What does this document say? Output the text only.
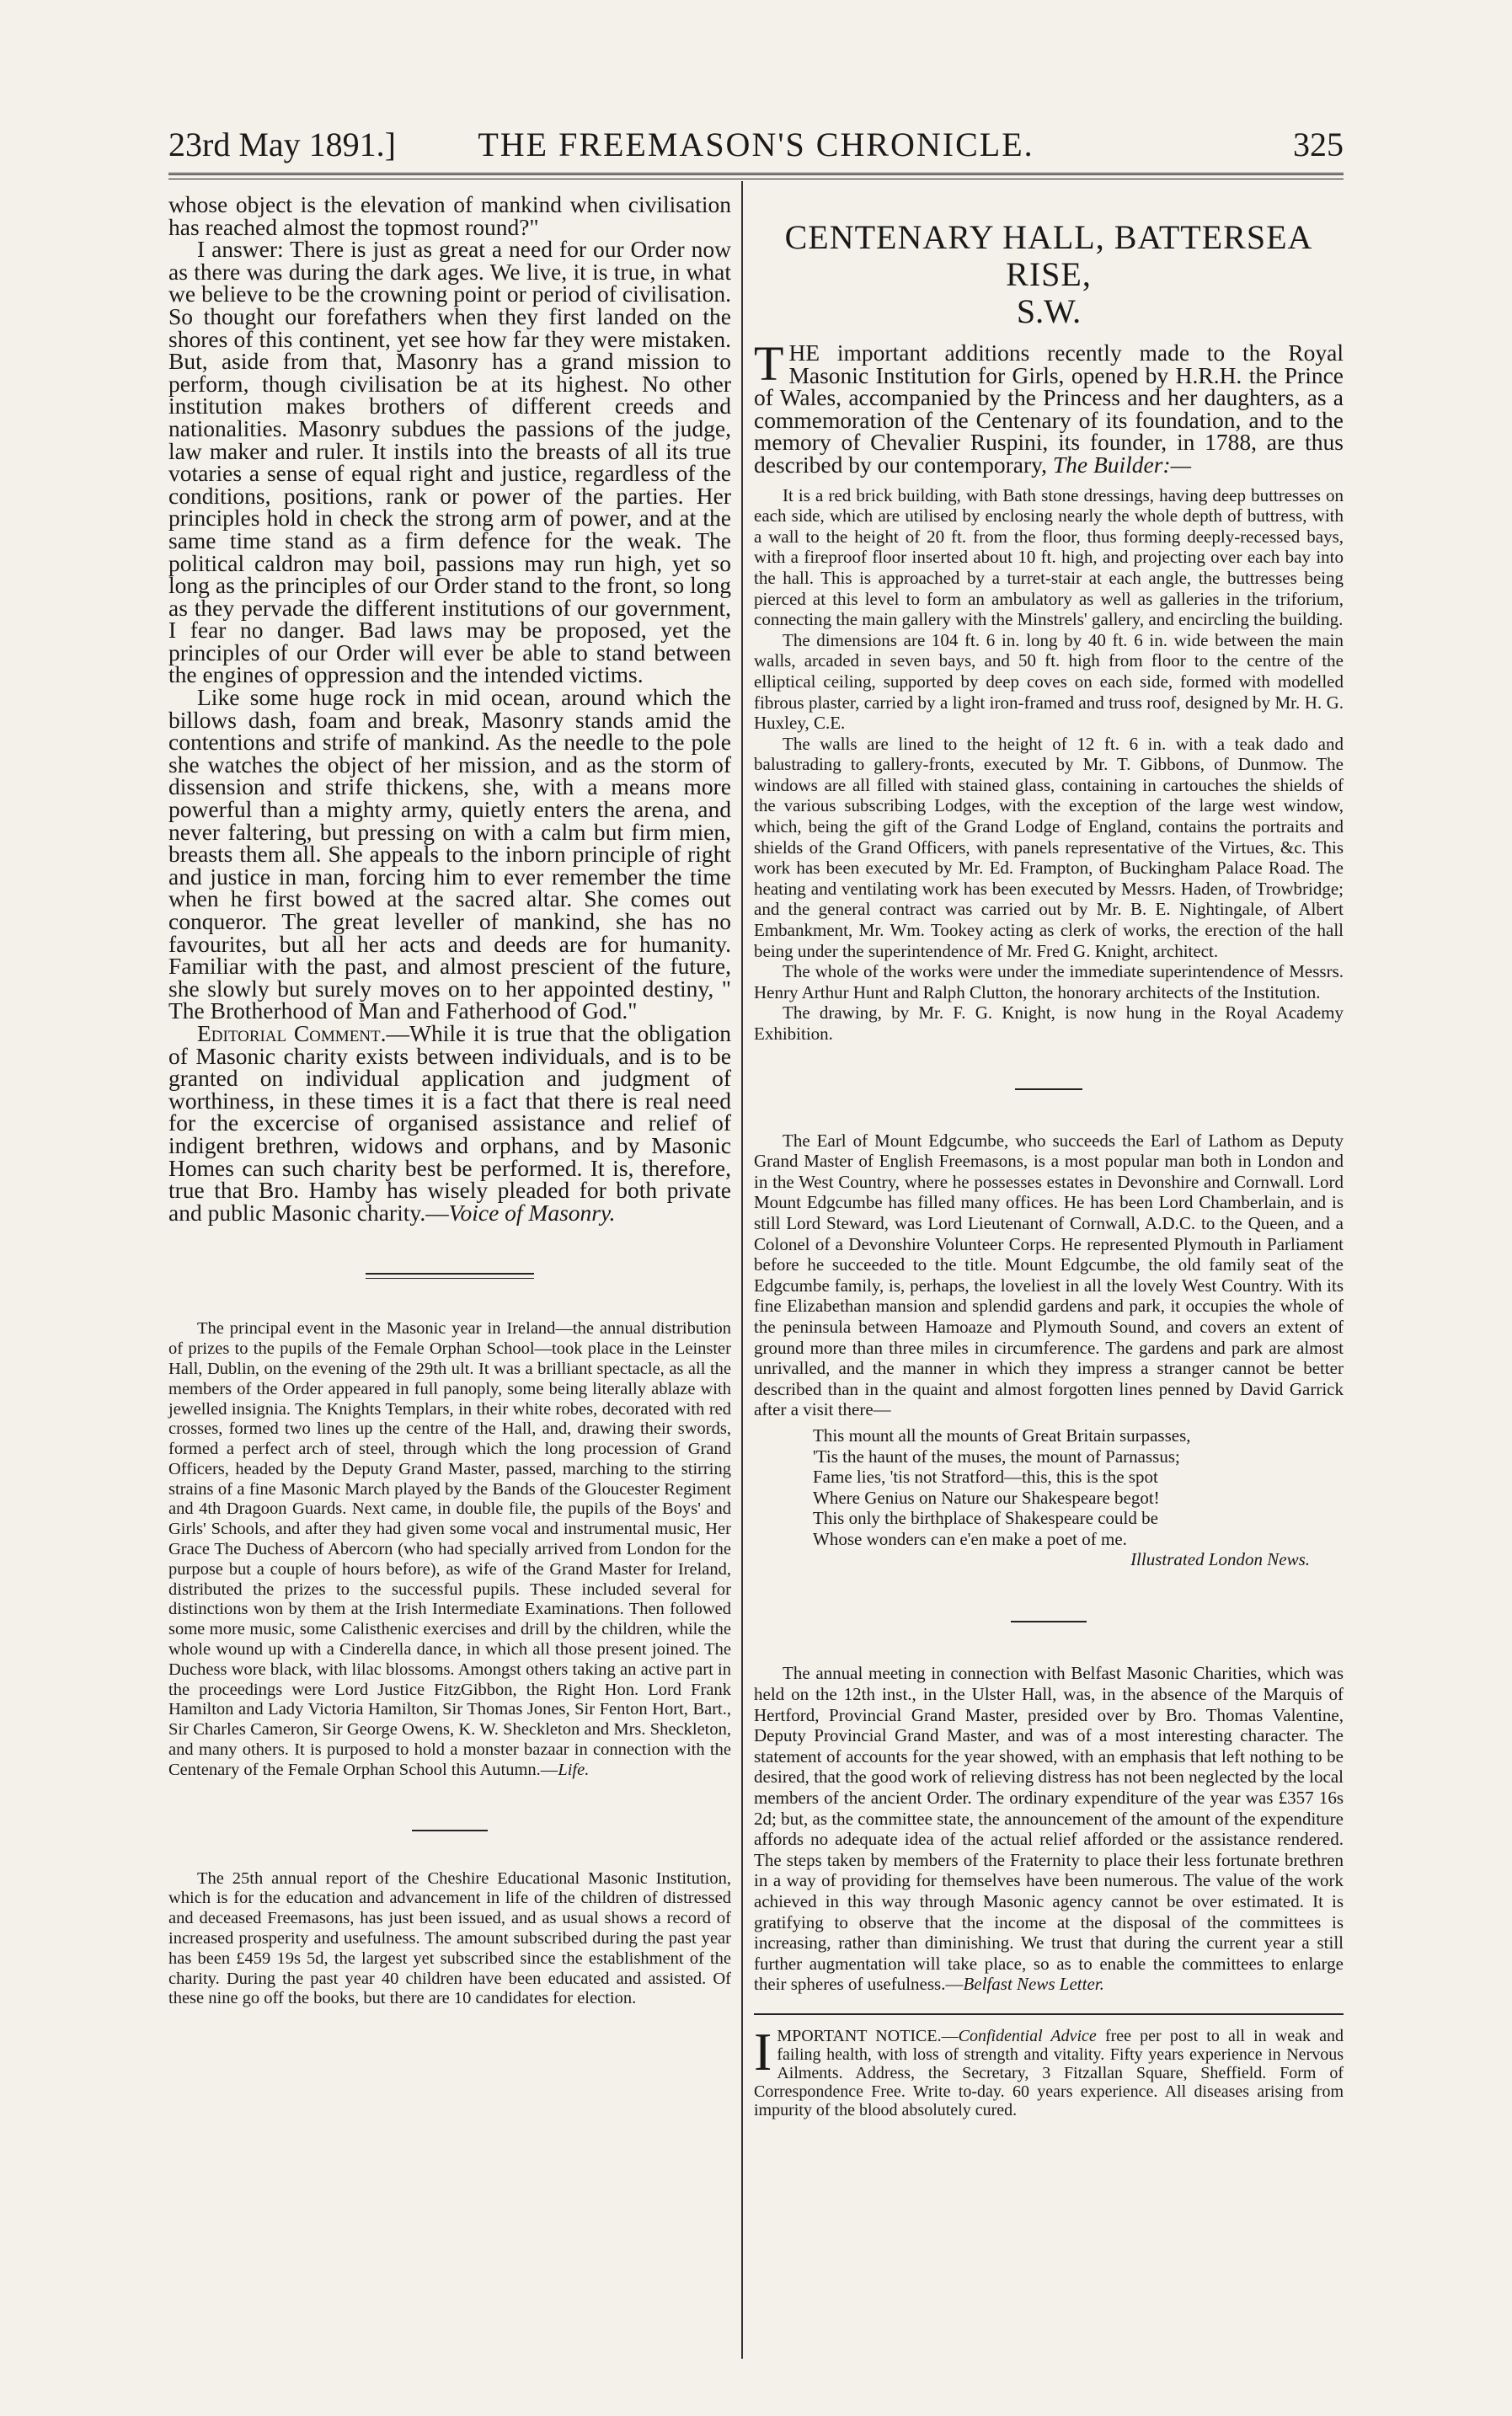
23rd May 1891.]	THE FREEMASON'S CHRONICLE.	325

whose object is the elevation of mankind when civilisation has reached almost the topmost round?"

I answer: There is just as great a need for our Order now as there was during the dark ages. We live, it is true, in what we believe to be the crowning point or period of civilisation. So thought our forefathers when they first landed on the shores of this continent, yet see how far they were mistaken. But, aside from that, Masonry has a grand mission to perform, though civilisation be at its highest. No other institution makes brothers of different creeds and nationalities. Masonry subdues the passions of the judge, law maker and ruler. It instils into the breasts of all its true votaries a sense of equal right and justice, regardless of the conditions, positions, rank or power of the parties. Her principles hold in check the strong arm of power, and at the same time stand as a firm defence for the weak. The political caldron may boil, passions may run high, yet so long as the principles of our Order stand to the front, so long as they pervade the different institutions of our government, I fear no danger. Bad laws may be proposed, yet the principles of our Order will ever be able to stand between the engines of oppression and the intended victims.

Like some huge rock in mid ocean, around which the billows dash, foam and break, Masonry stands amid the contentions and strife of mankind. As the needle to the pole she watches the object of her mission, and as the storm of dissension and strife thickens, she, with a means more powerful than a mighty army, quietly enters the arena, and never faltering, but pressing on with a calm but firm mien, breasts them all. She appeals to the inborn principle of right and justice in man, forcing him to ever remember the time when he first bowed at the sacred altar. She comes out conqueror. The great leveller of mankind, she has no favourites, but all her acts and deeds are for humanity. Familiar with the past, and almost prescient of the future, she slowly but surely moves on to her appointed destiny, " The Brotherhood of Man and Fatherhood of God."

Editorial Comment.—While it is true that the obligation of Masonic charity exists between individuals, and is to be granted on individual application and judgment of worthiness, in these times it is a fact that there is real need for the excercise of organised assistance and relief of indigent brethren, widows and orphans, and by Masonic Homes can such charity best be performed. It is, therefore, true that Bro. Hamby has wisely pleaded for both private and public Masonic charity.—Voice of Masonry.

The principal event in the Masonic year in Ireland—the annual distribution of prizes to the pupils of the Female Orphan School—took place in the Leinster Hall, Dublin, on the evening of the 29th ult. It was a brilliant spectacle, as all the members of the Order appeared in full panoply, some being literally ablaze with jewelled insignia. The Knights Templars, in their white robes, decorated with red crosses, formed two lines up the centre of the Hall, and, drawing their swords, formed a perfect arch of steel, through which the long procession of Grand Officers, headed by the Deputy Grand Master, passed, marching to the stirring strains of a fine Masonic March played by the Bands of the Gloucester Regiment and 4th Dragoon Guards. Next came, in double file, the pupils of the Boys' and Girls' Schools, and after they had given some vocal and instrumental music, Her Grace The Duchess of Abercorn (who had specially arrived from London for the purpose but a couple of hours before), as wife of the Grand Master for Ireland, distributed the prizes to the successful pupils. These included several for distinctions won by them at the Irish Intermediate Examinations. Then followed some more music, some Calisthenic exercises and drill by the children, while the whole wound up with a Cinderella dance, in which all those present joined. The Duchess wore black, with lilac blossoms. Amongst others taking an active part in the proceedings were Lord Justice FitzGibbon, the Right Hon. Lord Frank Hamilton and Lady Victoria Hamilton, Sir Thomas Jones, Sir Fenton Hort, Bart., Sir Charles Cameron, Sir George Owens, K. W. Sheckleton and Mrs. Sheckleton, and many others. It is purposed to hold a monster bazaar in connection with the Centenary of the Female Orphan School this Autumn.—Life.

The 25th annual report of the Cheshire Educational Masonic Institution, which is for the education and advancement in life of the children of distressed and deceased Freemasons, has just been issued, and as usual shows a record of increased prosperity and usefulness. The amount subscribed during the past year has been £459 19s 5d, the largest yet subscribed since the establishment of the charity. During the past year 40 children have been educated and assisted. Of these nine go off the books, but there are 10 candidates for election.

CENTENARY HALL, BATTERSEA RISE,
S.W.

THE important additions recently made to the Royal Masonic Institution for Girls, opened by H.R.H. the Prince of Wales, accompanied by the Princess and her daughters, as a commemoration of the Centenary of its foundation, and to the memory of Chevalier Ruspini, its founder, in 1788, are thus described by our contemporary, The Builder:—

It is a red brick building, with Bath stone dressings, having deep buttresses on each side, which are utilised by enclosing nearly the whole depth of buttress, with a wall to the height of 20 ft. from the floor, thus forming deeply-recessed bays, with a fireproof floor inserted about 10 ft. high, and projecting over each bay into the hall. This is approached by a turret-stair at each angle, the buttresses being pierced at this level to form an ambulatory as well as galleries in the triforium, connecting the main gallery with the Minstrels' gallery, and encircling the building.

The dimensions are 104 ft. 6 in. long by 40 ft. 6 in. wide between the main walls, arcaded in seven bays, and 50 ft. high from floor to the centre of the elliptical ceiling, supported by deep coves on each side, formed with modelled fibrous plaster, carried by a light iron-framed and truss roof, designed by Mr. H. G. Huxley, C.E.

The walls are lined to the height of 12 ft. 6 in. with a teak dado and balustrading to gallery-fronts, executed by Mr. T. Gibbons, of Dunmow. The windows are all filled with stained glass, containing in cartouches the shields of the various subscribing Lodges, with the exception of the large west window, which, being the gift of the Grand Lodge of England, contains the portraits and shields of the Grand Officers, with panels representative of the Virtues, &c. This work has been executed by Mr. Ed. Frampton, of Buckingham Palace Road. The heating and ventilating work has been executed by Messrs. Haden, of Trowbridge; and the general contract was carried out by Mr. B. E. Nightingale, of Albert Embankment, Mr. Wm. Tookey acting as clerk of works, the erection of the hall being under the superintendence of Mr. Fred G. Knight, architect.

The whole of the works were under the immediate superintendence of Messrs. Henry Arthur Hunt and Ralph Clutton, the honorary architects of the Institution.

The drawing, by Mr. F. G. Knight, is now hung in the Royal Academy Exhibition.

The Earl of Mount Edgcumbe, who succeeds the Earl of Lathom as Deputy Grand Master of English Freemasons, is a most popular man both in London and in the West Country, where he possesses estates in Devonshire and Cornwall. Lord Mount Edgcumbe has filled many offices. He has been Lord Chamberlain, and is still Lord Steward, was Lord Lieutenant of Cornwall, A.D.C. to the Queen, and a Colonel of a Devonshire Volunteer Corps. He represented Plymouth in Parliament before he succeeded to the title. Mount Edgcumbe, the old family seat of the Edgcumbe family, is, perhaps, the loveliest in all the lovely West Country. With its fine Elizabethan mansion and splendid gardens and park, it occupies the whole of the peninsula between Hamoaze and Plymouth Sound, and covers an extent of ground more than three miles in circumference. The gardens and park are almost unrivalled, and the manner in which they impress a stranger cannot be better described than in the quaint and almost forgotten lines penned by David Garrick after a visit there—

This mount all the mounts of Great Britain surpasses,
'Tis the haunt of the muses, the mount of Parnassus;
Fame lies, 'tis not Stratford—this, this is the spot
Where Genius on Nature our Shakespeare begot!
This only the birthplace of Shakespeare could be
Whose wonders can e'en make a poet of me.
Illustrated London News.

The annual meeting in connection with Belfast Masonic Charities, which was held on the 12th inst., in the Ulster Hall, was, in the absence of the Marquis of Hertford, Provincial Grand Master, presided over by Bro. Thomas Valentine, Deputy Provincial Grand Master, and was of a most interesting character. The statement of accounts for the year showed, with an emphasis that left nothing to be desired, that the good work of relieving distress has not been neglected by the local members of the ancient Order. The ordinary expenditure of the year was £357 16s 2d; but, as the committee state, the announcement of the amount of the expenditure affords no adequate idea of the actual relief afforded or the assistance rendered. The steps taken by members of the Fraternity to place their less fortunate brethren in a way of providing for themselves have been numerous. The value of the work achieved in this way through Masonic agency cannot be over estimated. It is gratifying to observe that the income at the disposal of the committees is increasing, rather than diminishing. We trust that during the current year a still further augmentation will take place, so as to enable the committees to enlarge their spheres of usefulness.—Belfast News Letter.

IMPORTANT NOTICE.—Confidential Advice free per post to all in weak and failing health, with loss of strength and vitality. Fifty years experience in Nervous Ailments. Address, the Secretary, 3 Fitzallan Square, Sheffield. Form of Correspondence Free. Write to-day. 60 years experience. All diseases arising from impurity of the blood absolutely cured.
